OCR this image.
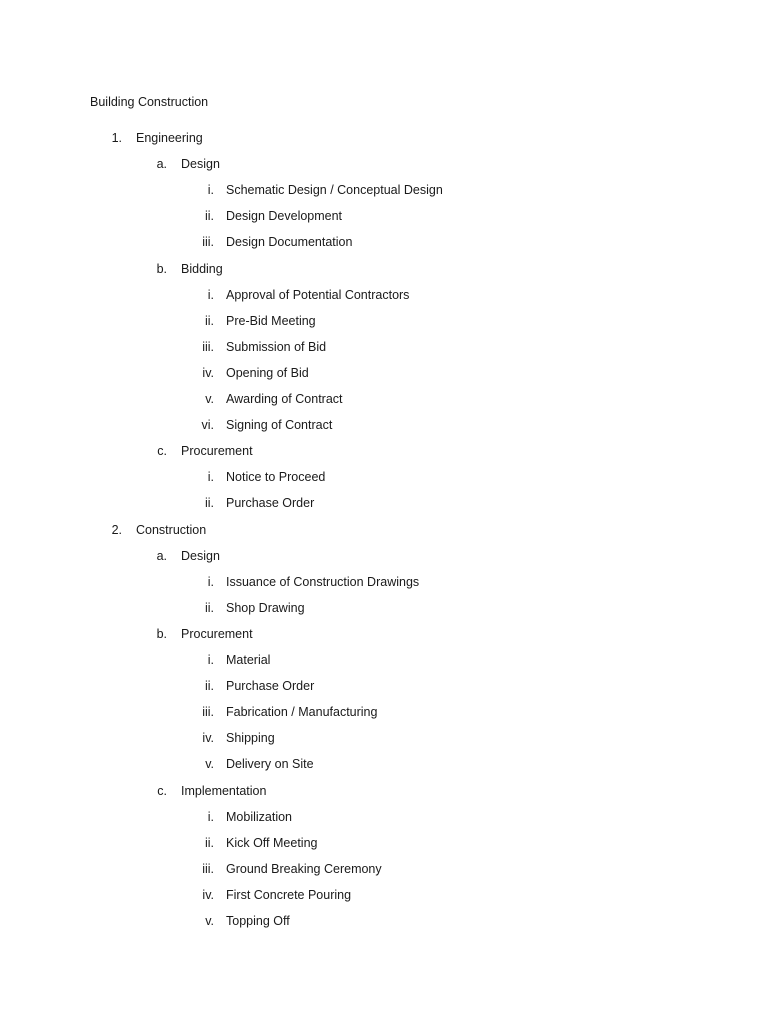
Building Construction
1. Engineering
a. Design
i. Schematic Design / Conceptual Design
ii. Design Development
iii. Design Documentation
b. Bidding
i. Approval of Potential Contractors
ii. Pre-Bid Meeting
iii. Submission of Bid
iv. Opening of Bid
v. Awarding of Contract
vi. Signing of Contract
c. Procurement
i. Notice to Proceed
ii. Purchase Order
2. Construction
a. Design
i. Issuance of Construction Drawings
ii. Shop Drawing
b. Procurement
i. Material
ii. Purchase Order
iii. Fabrication / Manufacturing
iv. Shipping
v. Delivery on Site
c. Implementation
i. Mobilization
ii. Kick Off Meeting
iii. Ground Breaking Ceremony
iv. First Concrete Pouring
v. Topping Off
